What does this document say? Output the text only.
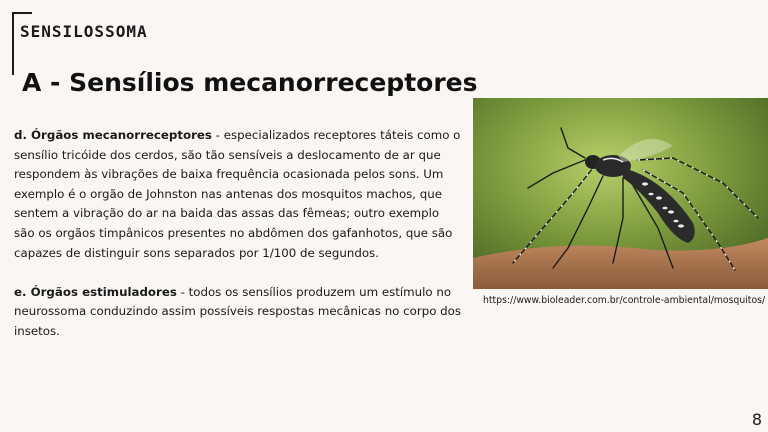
SENSILOSSOMA
A - Sensílios mecanorreceptores

d. Órgãos mecanorreceptores - especializados receptores táteis como o sensílio tricóide dos cerdos, são tão sensíveis a deslocamento de ar que respondem às vibrações de baixa frequência ocasionada pelos sons. Um exemplo é o orgão de Johnston nas antenas dos mosquitos machos, que sentem a vibração do ar na baida das assas das fêmeas; outro exemplo são os orgãos timpânicos presentes no abdômen dos gafanhotos, que são capazes de distinguir sons separados por 1/100 de segundos.

e. Órgãos estimuladores - todos os sensílios produzem um estímulo no neurossoma conduzindo assim possíveis respostas mecânicas no corpo dos insetos.

https://www.bioleader.com.br/controle-ambiental/mosquitos/
8
